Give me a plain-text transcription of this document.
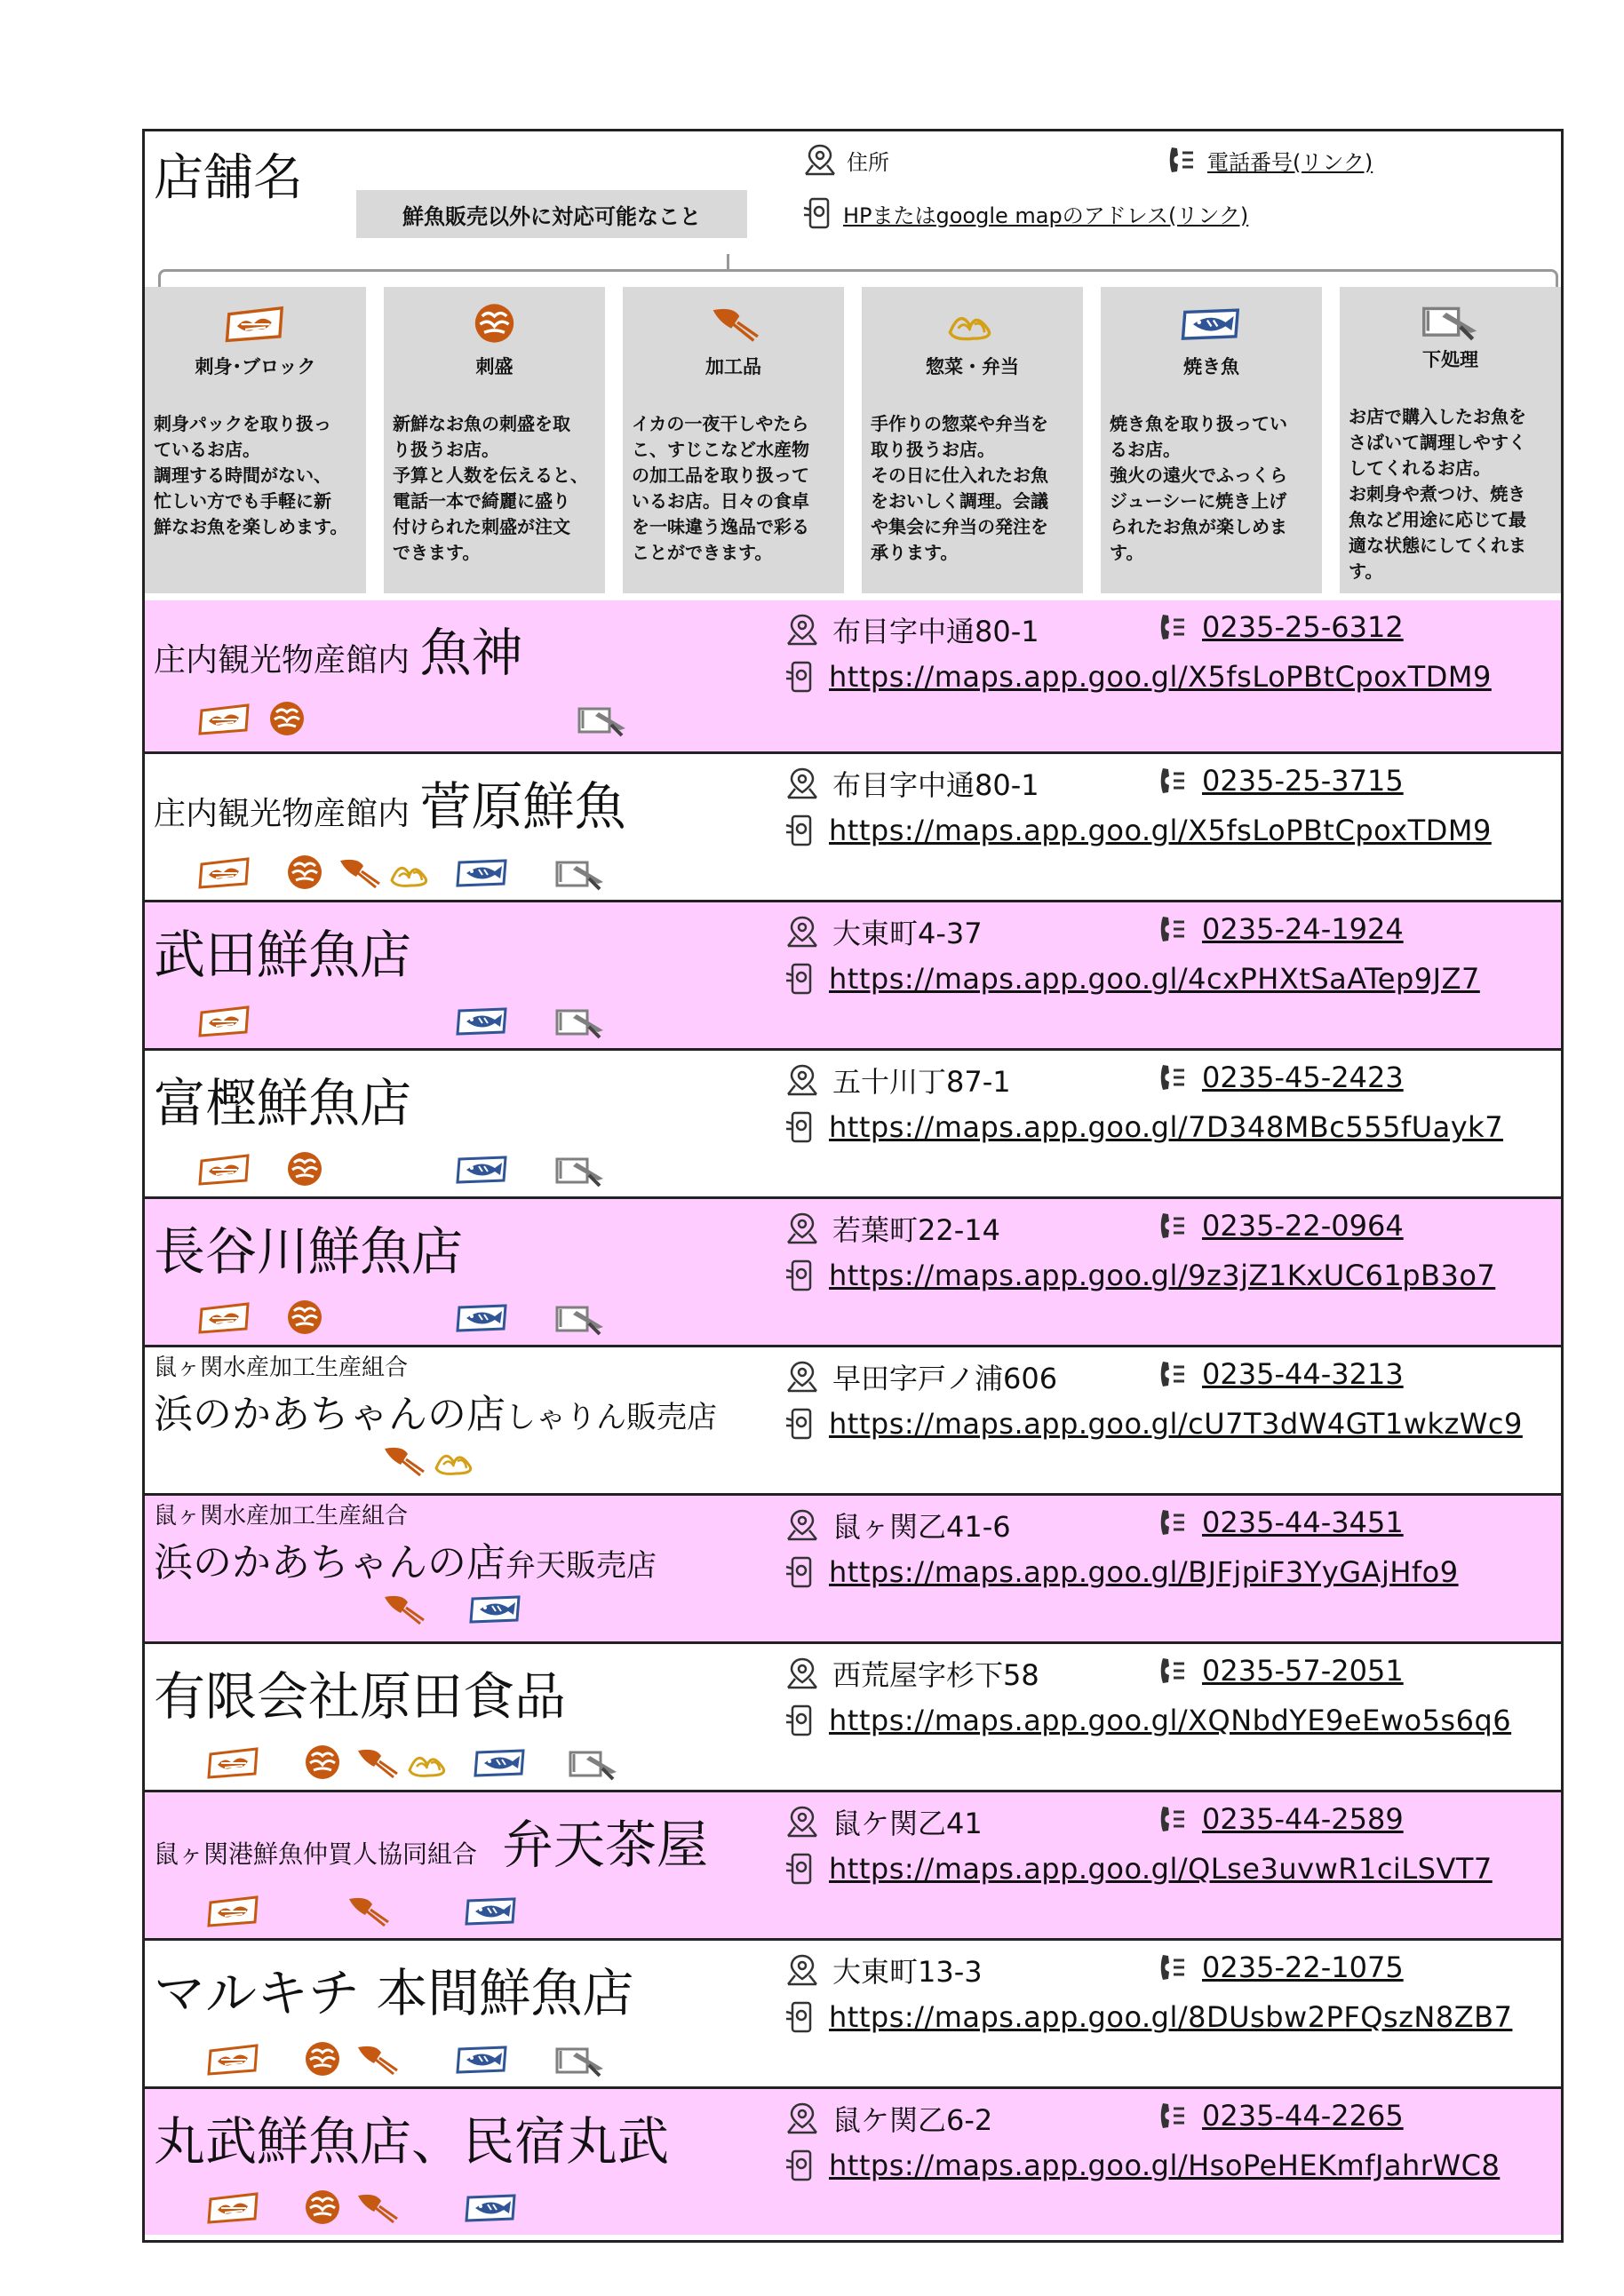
店舗名
鮮魚販売以外に対応可能なこと
住所	電話番号(リンク)
HPまたはgoogle mapのアドレス(リンク)
刺身･ブロック
刺身パックを取り扱っ
ているお店。
調理する時間がない、
忙しい方でも手軽に新
鮮なお魚を楽しめます。
刺盛
新鮮なお魚の刺盛を取
り扱うお店。
予算と人数を伝えると、
電話一本で綺麗に盛り
付けられた刺盛が注文
できます。
加工品
イカの一夜干しやたら
こ、すじこなど水産物
の加工品を取り扱って
いるお店。日々の食卓
を一味違う逸品で彩る
ことができます。
惣菜・弁当
手作りの惣菜や弁当を
取り扱うお店。
その日に仕入れたお魚
をおいしく調理。会議
や集会に弁当の発注を
承ります。
焼き魚
焼き魚を取り扱ってい
るお店。
強火の遠火でふっくら
ジューシーに焼き上げ
られたお魚が楽しめま
す。
下処理
お店で購入したお魚を
さばいて調理しやすく
してくれるお店。
お刺身や煮つけ、焼き
魚など用途に応じて最
適な状態にしてくれま
す。
庄内観光物産館内 魚神	布目字中通80-1	0235-25-6312
https://maps.app.goo.gl/X5fsLoPBtCpoxTDM9
庄内観光物産館内 菅原鮮魚	布目字中通80-1	0235-25-3715
https://maps.app.goo.gl/X5fsLoPBtCpoxTDM9
武田鮮魚店	大東町4-37	0235-24-1924
https://maps.app.goo.gl/4cxPHXtSaATep9JZ7
富樫鮮魚店	五十川丁87-1	0235-45-2423
https://maps.app.goo.gl/7D348MBc555fUayk7
長谷川鮮魚店	若葉町22-14	0235-22-0964
https://maps.app.goo.gl/9z3jZ1KxUC61pB3o7
鼠ヶ関水産加工生産組合
浜のかあちゃんの店しゃりん販売店
早田字戸ノ浦606	0235-44-3213
https://maps.app.goo.gl/cU7T3dW4GT1wkzWc9
鼠ヶ関水産加工生産組合
浜のかあちゃんの店弁天販売店
鼠ヶ関乙41-6	0235-44-3451
https://maps.app.goo.gl/BJFjpiF3YyGAjHfo9
有限会社原田食品	西荒屋字杉下58	0235-57-2051
https://maps.app.goo.gl/XQNbdYE9eEwo5s6q6
鼠ヶ関港鮮魚仲買人協同組合　弁天茶屋	鼠ケ関乙41	0235-44-2589
https://maps.app.goo.gl/QLse3uvwR1ciLSVT7
マルキチ 本間鮮魚店	大東町13-3	0235-22-1075
https://maps.app.goo.gl/8DUsbw2PFQszN8ZB7
丸武鮮魚店、民宿丸武	鼠ケ関乙6-2	0235-44-2265
https://maps.app.goo.gl/HsoPeHEKmfJahrWC8
